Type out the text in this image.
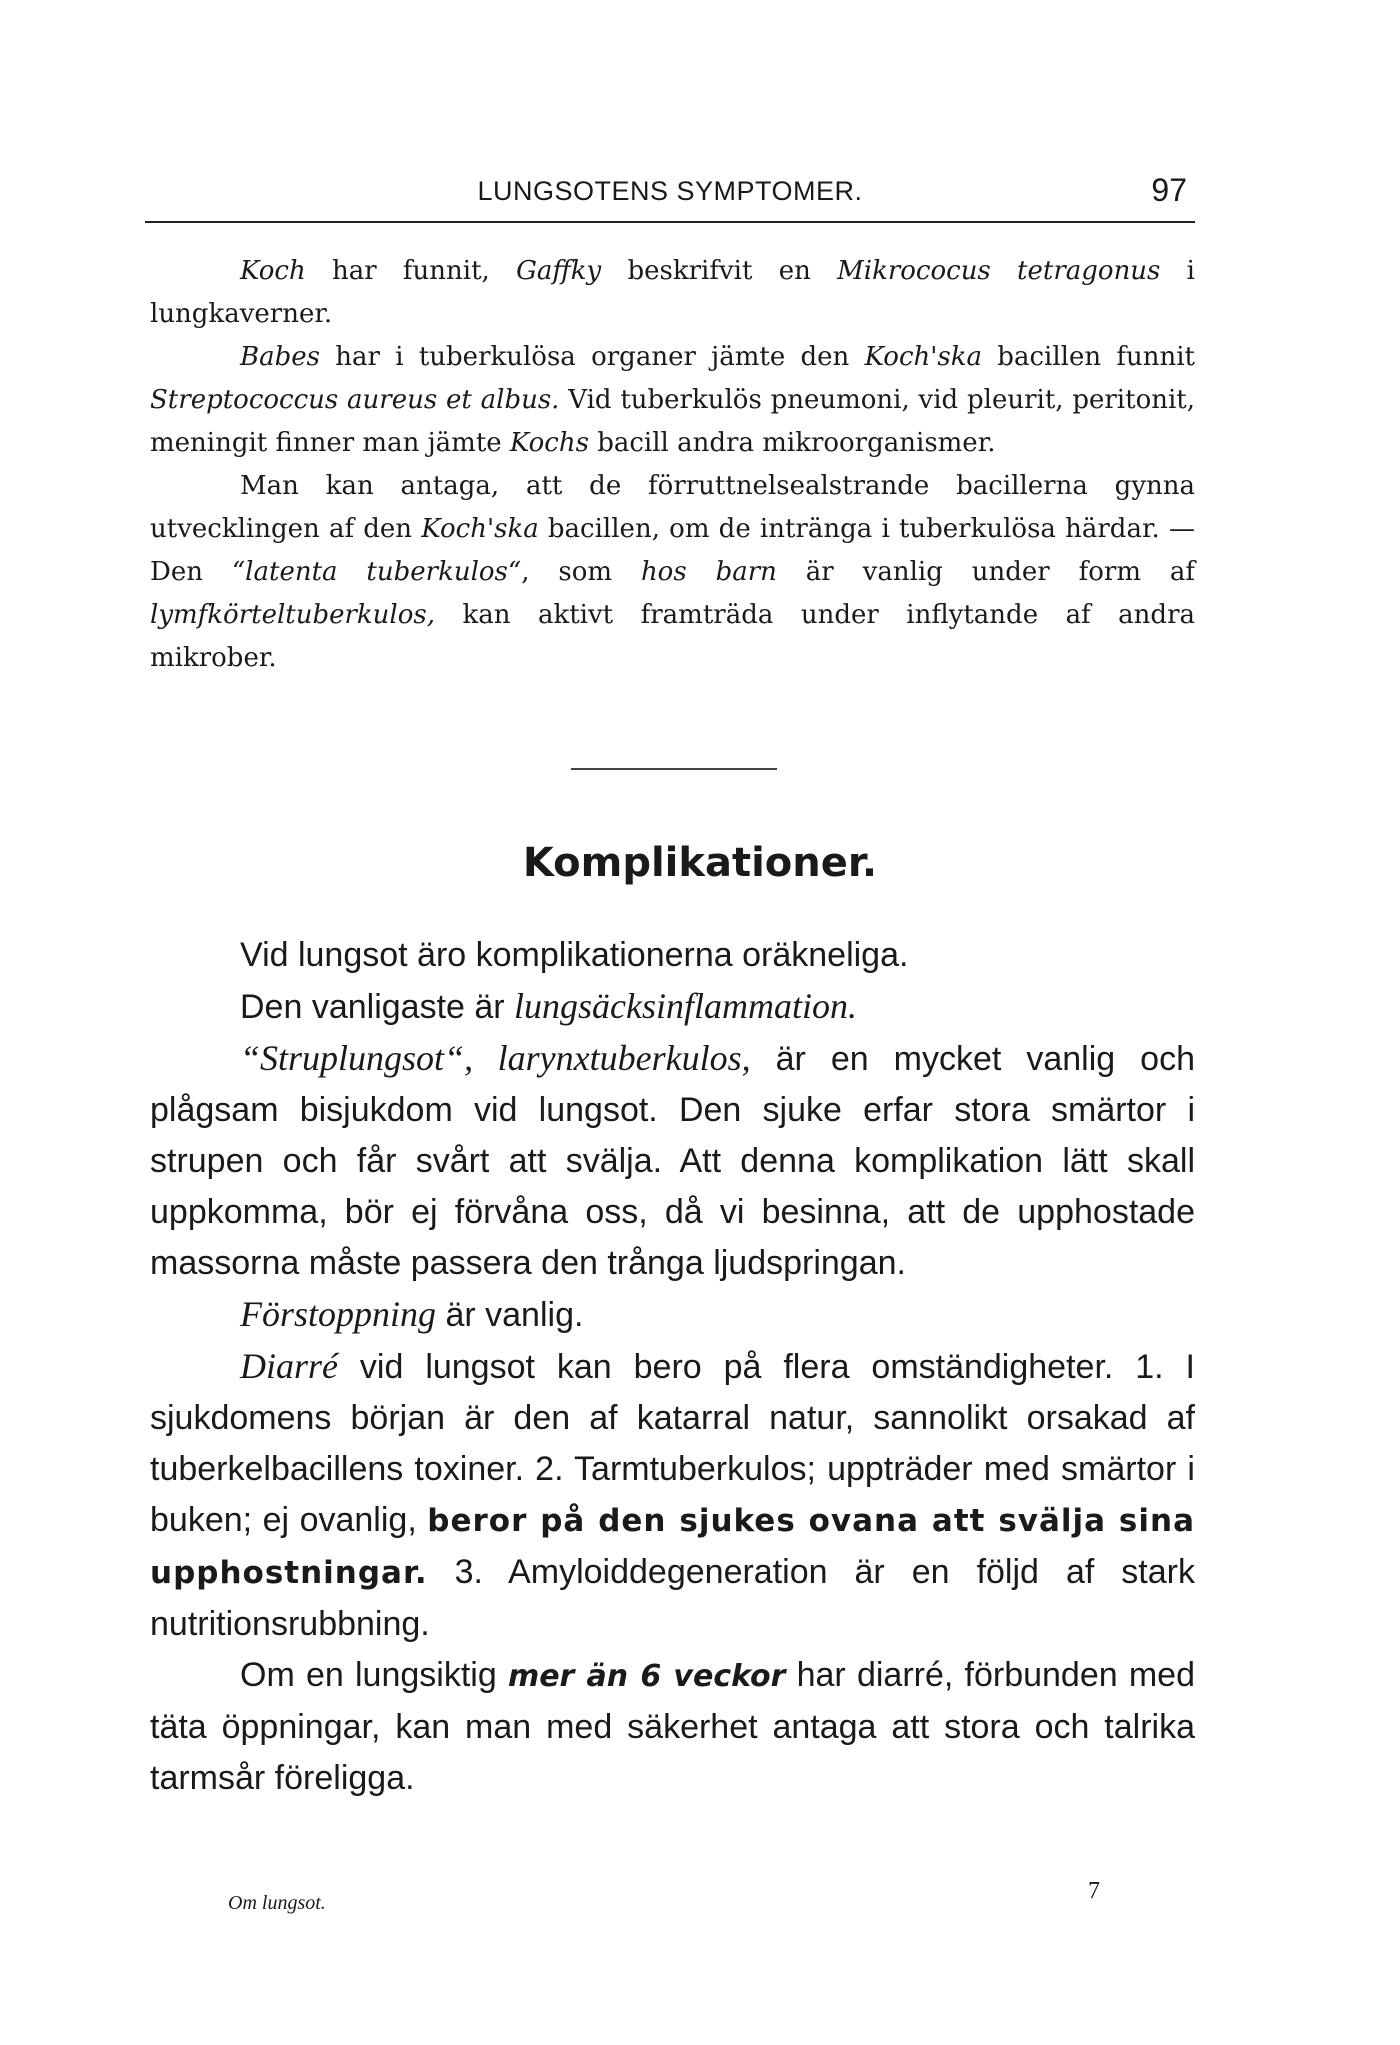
LUNGSOTENS SYMPTOMER.	97

Koch har funnit, Gaffky beskrifvit en Mikrococus tetragonus i lungkaverner.

Babes har i tuberkulösa organer jämte den Koch'ska bacillen funnit Streptococcus aureus et albus. Vid tuberkulös pneumoni, vid pleurit, peritonit, meningit finner man jämte Kochs bacill andra mikroorganismer.

Man kan antaga, att de förruttnelsealstrande bacillerna gynna utvecklingen af den Koch'ska bacillen, om de intränga i tuberkulösa härdar. — Den “latenta tuberkulos“, som hos barn är vanlig under form af lymfkörteltuberkulos, kan aktivt framträda under inflytande af andra mikrober.

Komplikationer.

Vid lungsot äro komplikationerna oräkneliga.

Den vanligaste är lungsäcksinflammation.

“Struplungsot“, larynxtuberkulos, är en mycket vanlig och plågsam bisjukdom vid lungsot. Den sjuke erfar stora smärtor i strupen och får svårt att svälja. Att denna komplikation lätt skall uppkomma, bör ej förvåna oss, då vi besinna, att de upphostade massorna måste passera den trånga ljudspringan.

Förstoppning är vanlig.

Diarré vid lungsot kan bero på flera omständigheter. 1. I sjukdomens början är den af katarral natur, sannolikt orsakad af tuberkelbacillens toxiner. 2. Tarmtuberkulos; uppträder med smärtor i buken; ej ovanlig, beror på den sjukes ovana att svälja sina upphostningar. 3. Amyloiddegeneration är en följd af stark nutritionsrubbning.

Om en lungsiktig mer än 6 veckor har diarré, förbunden med täta öppningar, kan man med säkerhet antaga att stora och talrika tarmsår föreligga.

Om lungsot.	7
